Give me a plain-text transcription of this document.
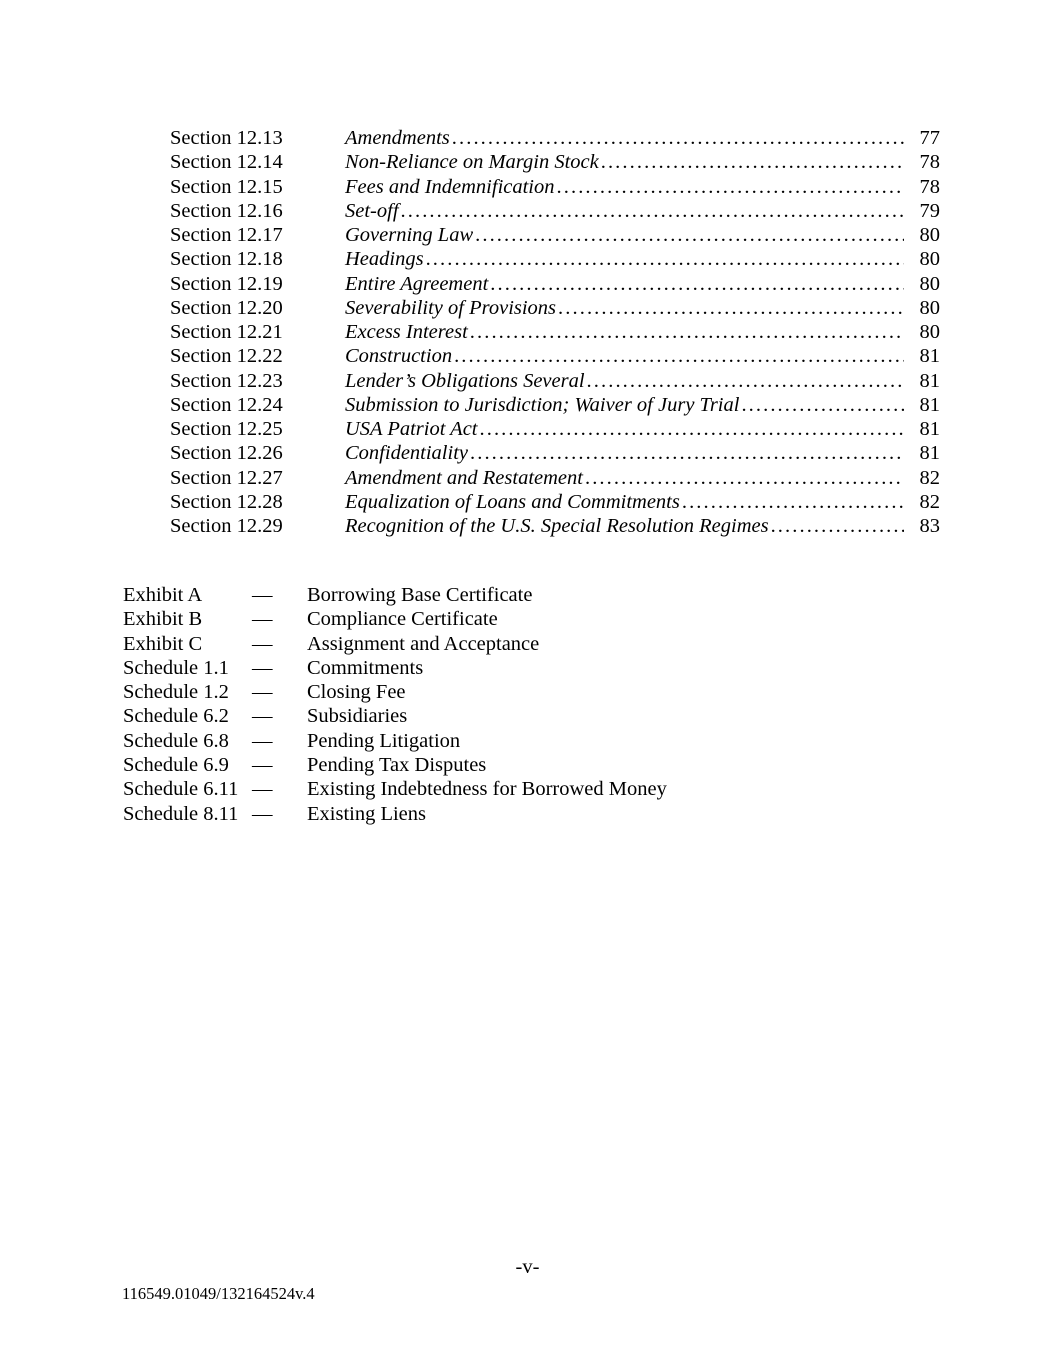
Section 12.13	Amendments .....	77
Section 12.14	Non-Reliance on Margin Stock .....	78
Section 12.15	Fees and Indemnification .....	78
Section 12.16	Set-off .....	79
Section 12.17	Governing Law .....	80
Section 12.18	Headings .....	80
Section 12.19	Entire Agreement .....	80
Section 12.20	Severability of Provisions .....	80
Section 12.21	Excess Interest .....	80
Section 12.22	Construction .....	81
Section 12.23	Lender’s Obligations Several .....	81
Section 12.24	Submission to Jurisdiction; Waiver of Jury Trial .....	81
Section 12.25	USA Patriot Act .....	81
Section 12.26	Confidentiality .....	81
Section 12.27	Amendment and Restatement .....	82
Section 12.28	Equalization of Loans and Commitments .....	82
Section 12.29	Recognition of the U.S. Special Resolution Regimes .....	83
Exhibit A	—	Borrowing Base Certificate
Exhibit B	—	Compliance Certificate
Exhibit C	—	Assignment and Acceptance
Schedule 1.1	—	Commitments
Schedule 1.2	—	Closing Fee
Schedule 6.2	—	Subsidiaries
Schedule 6.8	—	Pending Litigation
Schedule 6.9	—	Pending Tax Disputes
Schedule 6.11 —	Existing Indebtedness for Borrowed Money
Schedule 8.11 —	Existing Liens
-v-
116549.01049/132164524v.4
